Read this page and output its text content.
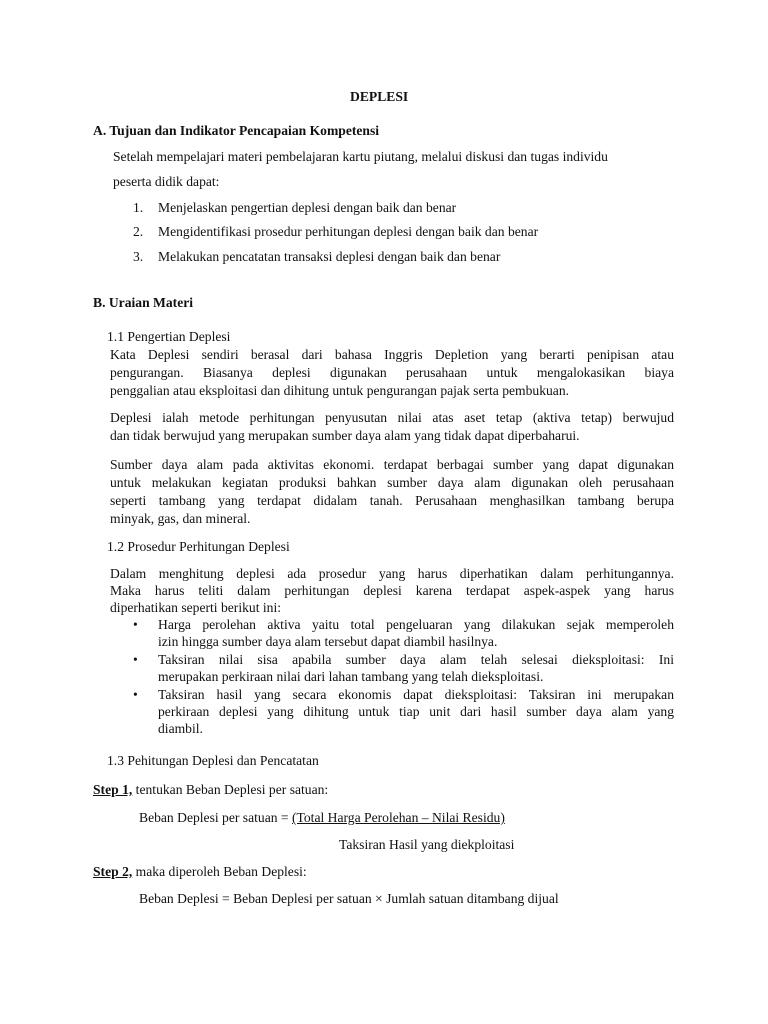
DEPLESI
A. Tujuan dan Indikator Pencapaian Kompetensi
Setelah mempelajari materi pembelajaran kartu piutang, melalui diskusi dan tugas individu
peserta didik dapat:
1. Menjelaskan pengertian deplesi dengan baik dan benar
2. Mengidentifikasi prosedur perhitungan deplesi dengan baik dan benar
3. Melakukan pencatatan transaksi deplesi dengan baik dan benar
B. Uraian Materi
1.1 Pengertian Deplesi
Kata Deplesi sendiri berasal dari bahasa Inggris Depletion yang berarti penipisan atau
pengurangan. Biasanya deplesi digunakan perusahaan untuk mengalokasikan biaya
penggalian atau eksploitasi dan dihitung untuk pengurangan pajak serta pembukuan.
Deplesi ialah metode perhitungan penyusutan nilai atas aset tetap (aktiva tetap) berwujud
dan tidak berwujud yang merupakan sumber daya alam yang tidak dapat diperbaharui.
Sumber daya alam pada aktivitas ekonomi. terdapat berbagai sumber yang dapat digunakan
untuk melakukan kegiatan produksi bahkan sumber daya alam digunakan oleh perusahaan
seperti tambang yang terdapat didalam tanah. Perusahaan menghasilkan tambang berupa
minyak, gas, dan mineral.
1.2 Prosedur Perhitungan Deplesi
Dalam menghitung deplesi ada prosedur yang harus diperhatikan dalam perhitungannya.
Maka harus teliti dalam perhitungan deplesi karena terdapat aspek-aspek yang harus
diperhatikan seperti berikut ini:
• Harga perolehan aktiva yaitu total pengeluaran yang dilakukan sejak memperoleh
izin hingga sumber daya alam tersebut dapat diambil hasilnya.
• Taksiran nilai sisa apabila sumber daya alam telah selesai dieksploitasi: Ini
merupakan perkiraan nilai dari lahan tambang yang telah dieksploitasi.
• Taksiran hasil yang secara ekonomis dapat dieksploitasi: Taksiran ini merupakan
perkiraan deplesi yang dihitung untuk tiap unit dari hasil sumber daya alam yang
diambil.
1.3 Pehitungan Deplesi dan Pencatatan
Step 1, tentukan Beban Deplesi per satuan:
Beban Deplesi per satuan = (Total Harga Perolehan – Nilai Residu)
Taksiran Hasil yang diekploitasi
Step 2, maka diperoleh Beban Deplesi:
Beban Deplesi = Beban Deplesi per satuan × Jumlah satuan ditambang dijual
